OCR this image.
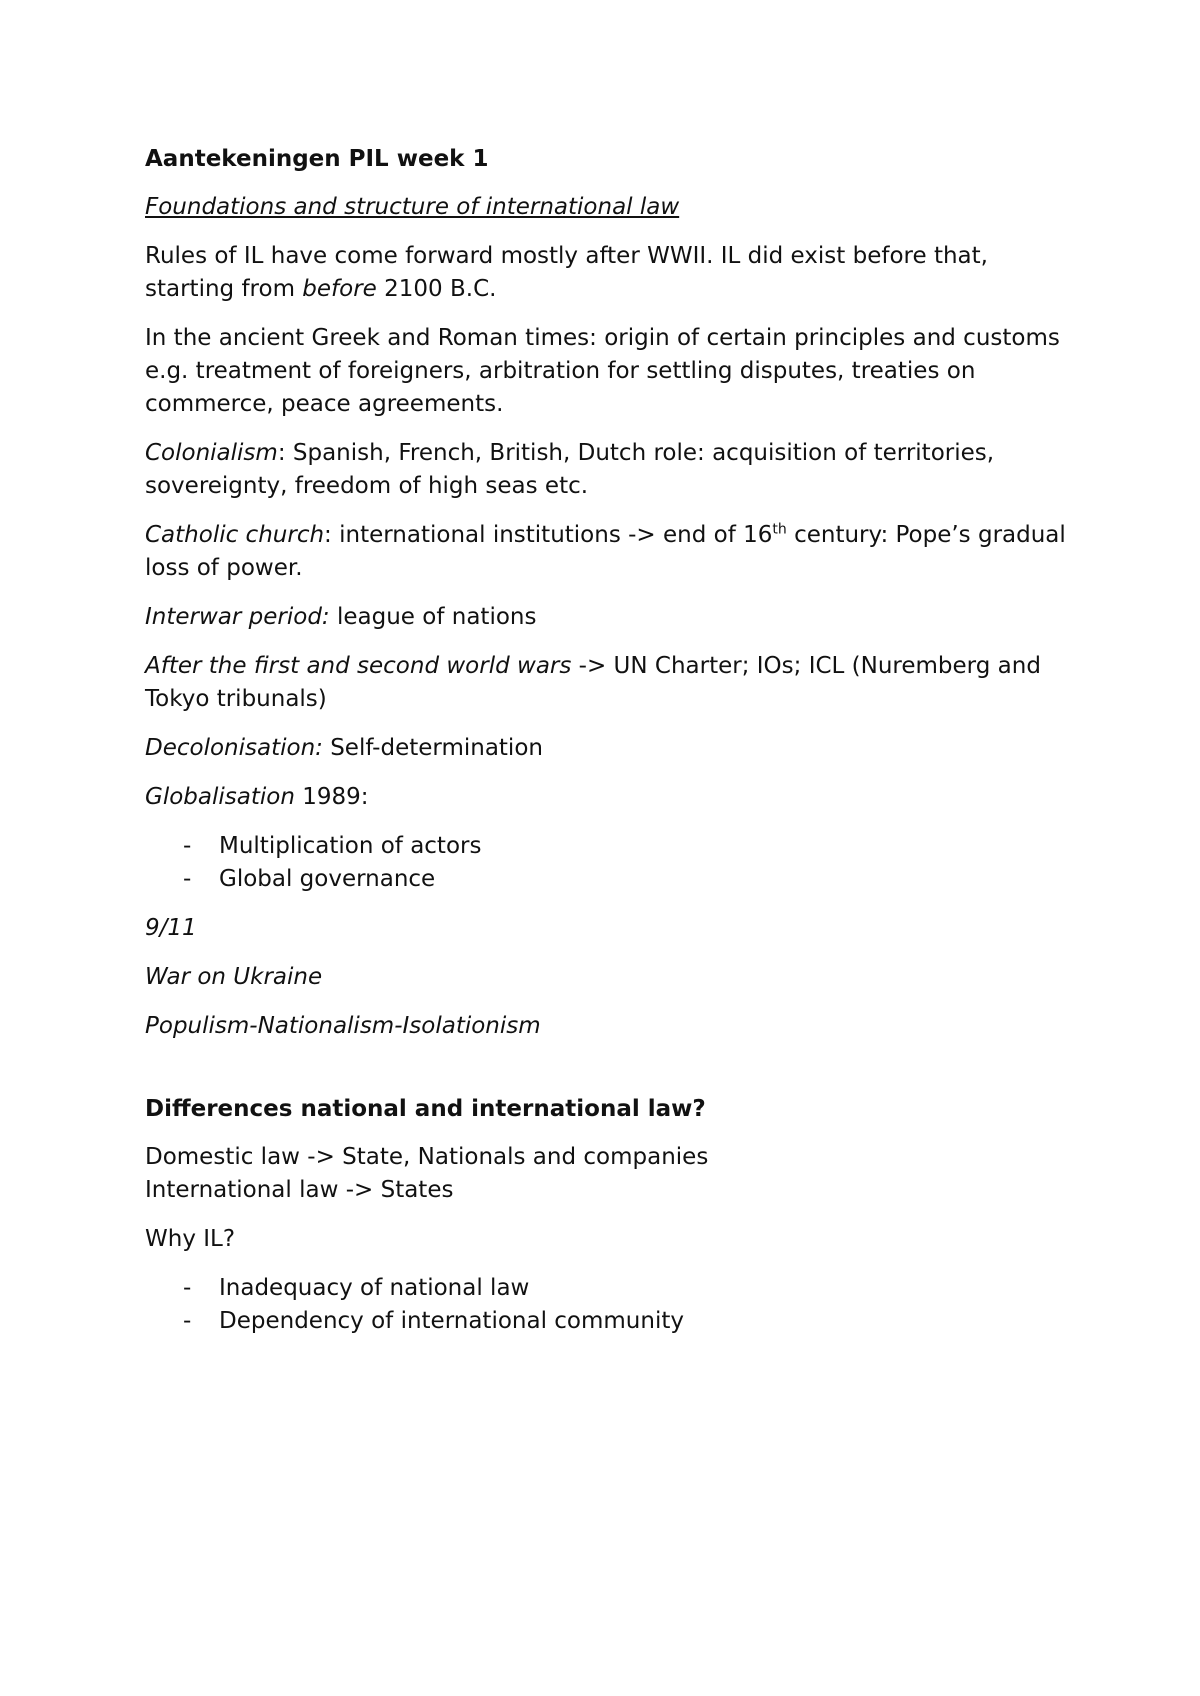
Aantekeningen PIL week 1

Foundations and structure of international law

Rules of IL have come forward mostly after WWII. IL did exist before that, starting from before 2100 B.C.

In the ancient Greek and Roman times: origin of certain principles and customs
e.g. treatment of foreigners, arbitration for settling disputes, treaties on commerce, peace agreements.

Colonialism: Spanish, French, British, Dutch role: acquisition of territories, sovereignty, freedom of high seas etc.

Catholic church: international institutions -> end of 16th century: Pope’s gradual loss of power.

Interwar period: league of nations

After the first and second world wars -> UN Charter; IOs; ICL (Nuremberg and Tokyo tribunals)

Decolonisation: Self-determination

Globalisation 1989:

- Multiplication of actors
- Global governance

9/11

War on Ukraine

Populism-Nationalism-Isolationism

Differences national and international law?

Domestic law -> State, Nationals and companies
International law -> States

Why IL?

- Inadequacy of national law
- Dependency of international community
